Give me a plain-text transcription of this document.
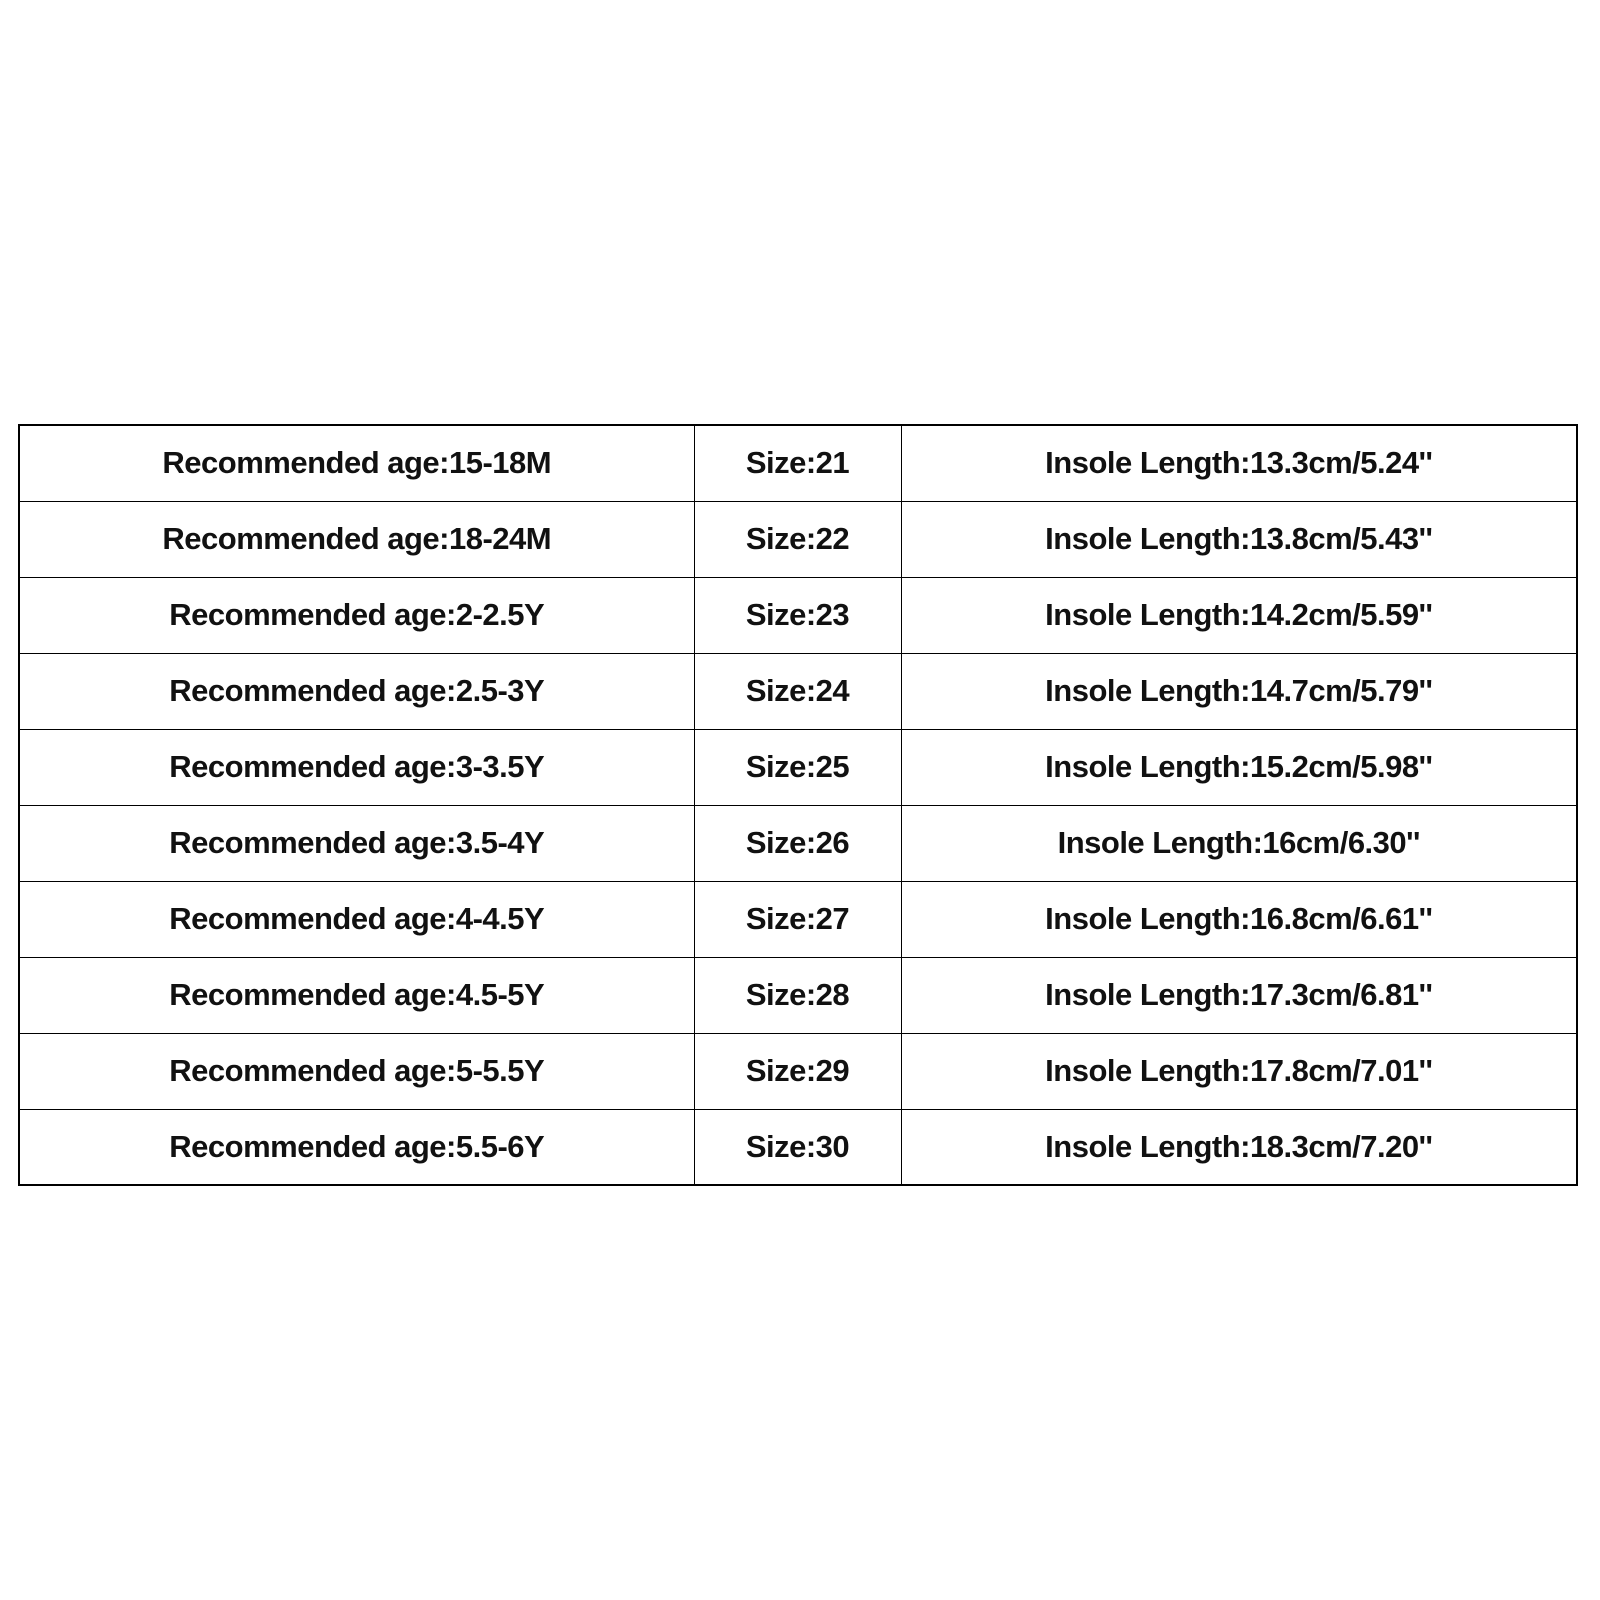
Recommended age:15-18M	Size:21	Insole Length:13.3cm/5.24''
Recommended age:18-24M	Size:22	Insole Length:13.8cm/5.43''
Recommended age:2-2.5Y	Size:23	Insole Length:14.2cm/5.59''
Recommended age:2.5-3Y	Size:24	Insole Length:14.7cm/5.79''
Recommended age:3-3.5Y	Size:25	Insole Length:15.2cm/5.98''
Recommended age:3.5-4Y	Size:26	Insole Length:16cm/6.30''
Recommended age:4-4.5Y	Size:27	Insole Length:16.8cm/6.61''
Recommended age:4.5-5Y	Size:28	Insole Length:17.3cm/6.81''
Recommended age:5-5.5Y	Size:29	Insole Length:17.8cm/7.01''
Recommended age:5.5-6Y	Size:30	Insole Length:18.3cm/7.20''
